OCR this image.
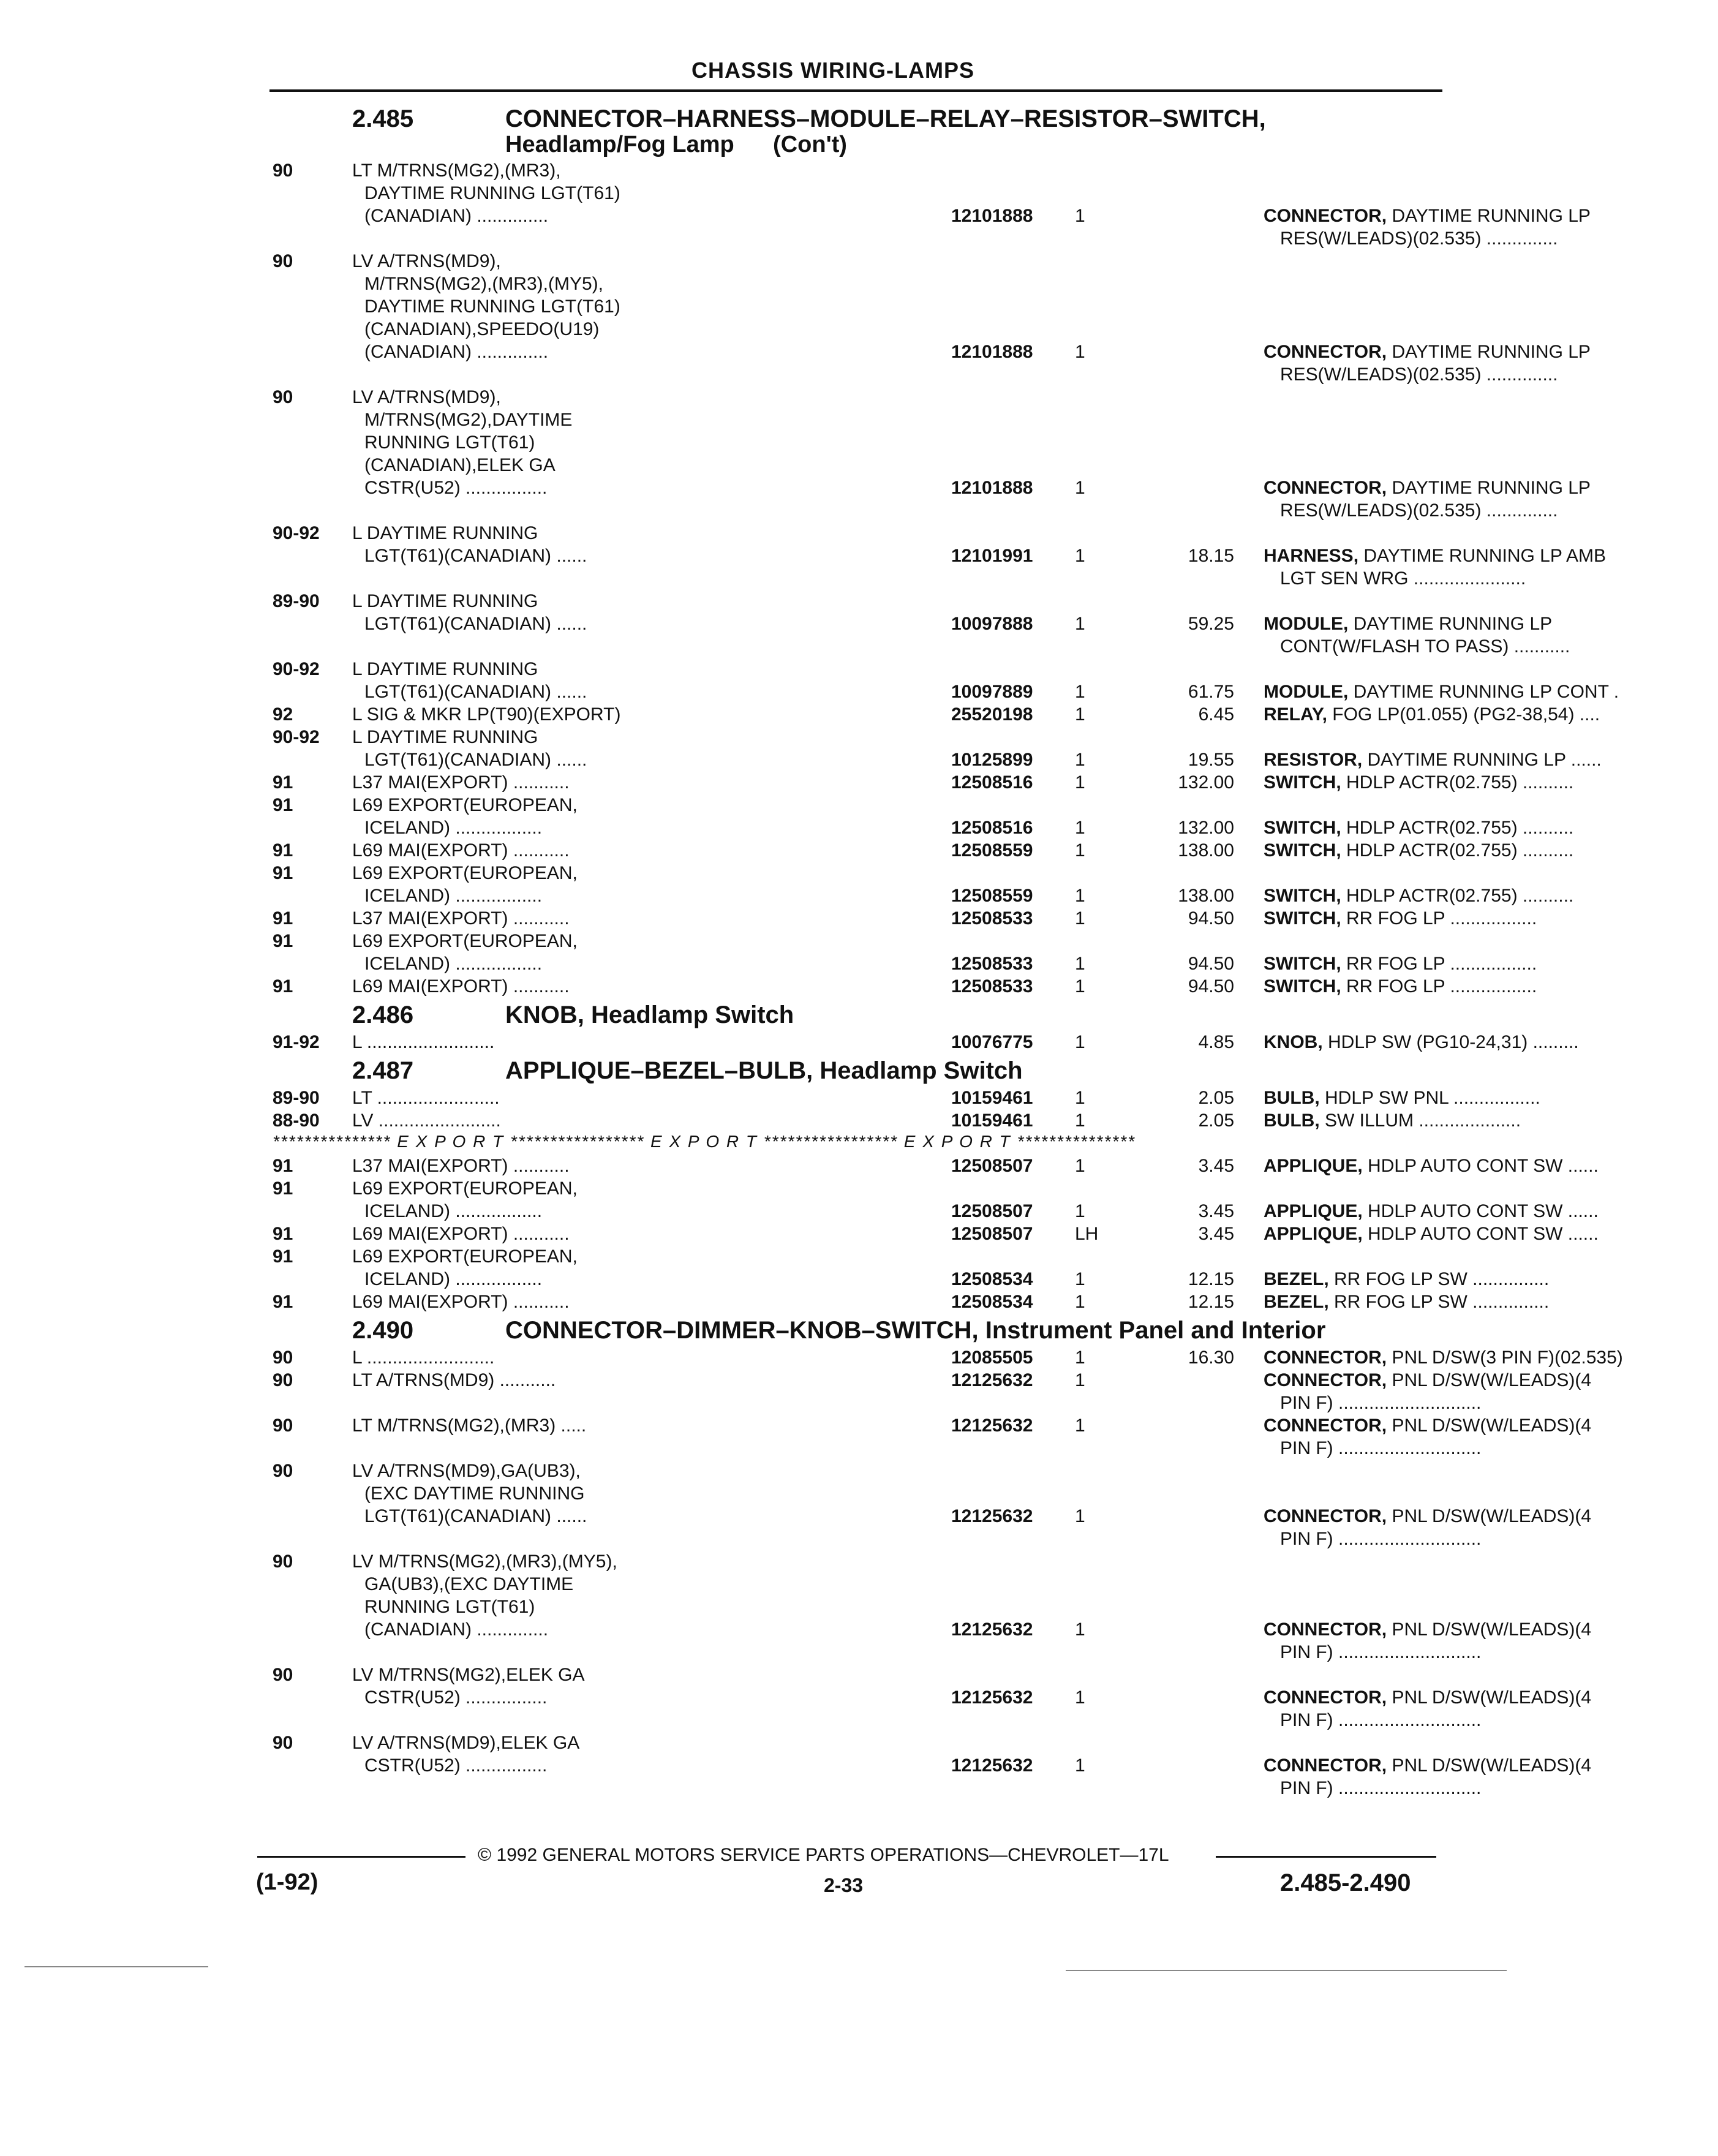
CHASSIS WIRING-LAMPS
2.485	CONNECTOR–HARNESS–MODULE–RELAY–RESISTOR–SWITCH,
Headlamp/Fog Lamp      (Con't)
90	LT M/TRNS(MG2),(MR3),
DAYTIME RUNNING LGT(T61)
(CANADIAN) ..............	12101888 1	CONNECTOR, DAYTIME RUNNING LP
RES(W/LEADS)(02.535) ..............
90	LV A/TRNS(MD9),
M/TRNS(MG2),(MR3),(MY5),
DAYTIME RUNNING LGT(T61)
(CANADIAN),SPEEDO(U19)
(CANADIAN) ..............	12101888 1	CONNECTOR, DAYTIME RUNNING LP
RES(W/LEADS)(02.535) ..............
90	LV A/TRNS(MD9),
M/TRNS(MG2),DAYTIME
RUNNING LGT(T61)
(CANADIAN),ELEK GA
CSTR(U52) ................	12101888 1	CONNECTOR, DAYTIME RUNNING LP
RES(W/LEADS)(02.535) ..............
90-92 L DAYTIME RUNNING
LGT(T61)(CANADIAN) ......	12101991 1	18.15 HARNESS, DAYTIME RUNNING LP AMB
LGT SEN WRG ......................
89-90 L DAYTIME RUNNING
LGT(T61)(CANADIAN) ......	10097888 1	59.25 MODULE, DAYTIME RUNNING LP
CONT(W/FLASH TO PASS) ...........
90-92 L DAYTIME RUNNING
LGT(T61)(CANADIAN) ......	10097889 1	61.75 MODULE, DAYTIME RUNNING LP CONT .
92	L SIG & MKR LP(T90)(EXPORT)	25520198 1	6.45 RELAY, FOG LP(01.055) (PG2-38,54) ....
90-92 L DAYTIME RUNNING
LGT(T61)(CANADIAN) ......	10125899 1	19.55 RESISTOR, DAYTIME RUNNING LP ......
91	L37 MAI(EXPORT) ...........	12508516 1	132.00 SWITCH, HDLP ACTR(02.755) ..........
91	L69 EXPORT(EUROPEAN,
ICELAND) .................	12508516 1	132.00 SWITCH, HDLP ACTR(02.755) ..........
91	L69 MAI(EXPORT) ...........	12508559 1	138.00 SWITCH, HDLP ACTR(02.755) ..........
91	L69 EXPORT(EUROPEAN,
ICELAND) .................	12508559 1	138.00 SWITCH, HDLP ACTR(02.755) ..........
91	L37 MAI(EXPORT) ...........	12508533 1	94.50 SWITCH, RR FOG LP .................
91	L69 EXPORT(EUROPEAN,
ICELAND) .................	12508533 1	94.50 SWITCH, RR FOG LP .................
91	L69 MAI(EXPORT) ...........	12508533 1	94.50 SWITCH, RR FOG LP .................
2.486	KNOB, Headlamp Switch
91-92 L .........................	10076775 1	4.85 KNOB, HDLP SW (PG10-24,31) .........
2.487	APPLIQUE–BEZEL–BULB, Headlamp Switch
89-90 LT ........................	10159461 1	2.05 BULB, HDLP SW PNL .................
88-90 LV ........................	10159461 1	2.05 BULB, SW ILLUM ....................
*************** E X P O R T ***************** E X P O R T ***************** E X P O R T ***************
91	L37 MAI(EXPORT) ...........	12508507 1	3.45 APPLIQUE, HDLP AUTO CONT SW ......
91	L69 EXPORT(EUROPEAN,
ICELAND) .................	12508507 1	3.45 APPLIQUE, HDLP AUTO CONT SW ......
91	L69 MAI(EXPORT) ...........	12508507 LH	3.45 APPLIQUE, HDLP AUTO CONT SW ......
91	L69 EXPORT(EUROPEAN,
ICELAND) .................	12508534 1	12.15 BEZEL, RR FOG LP SW ...............
91	L69 MAI(EXPORT) ...........	12508534 1	12.15 BEZEL, RR FOG LP SW ...............
2.490	CONNECTOR–DIMMER–KNOB–SWITCH, Instrument Panel and Interior
90	L .........................	12085505 1	16.30 CONNECTOR, PNL D/SW(3 PIN F)(02.535)
90	LT A/TRNS(MD9) ...........	12125632 1	CONNECTOR, PNL D/SW(W/LEADS)(4
PIN F) ............................
90	LT M/TRNS(MG2),(MR3) .....	12125632 1	CONNECTOR, PNL D/SW(W/LEADS)(4
PIN F) ............................
90	LV A/TRNS(MD9),GA(UB3),
(EXC DAYTIME RUNNING
LGT(T61)(CANADIAN) ......	12125632 1	CONNECTOR, PNL D/SW(W/LEADS)(4
PIN F) ............................
90	LV M/TRNS(MG2),(MR3),(MY5),
GA(UB3),(EXC DAYTIME
RUNNING LGT(T61)
(CANADIAN) ..............	12125632 1	CONNECTOR, PNL D/SW(W/LEADS)(4
PIN F) ............................
90	LV M/TRNS(MG2),ELEK GA
CSTR(U52) ................	12125632 1	CONNECTOR, PNL D/SW(W/LEADS)(4
PIN F) ............................
90	LV A/TRNS(MD9),ELEK GA
CSTR(U52) ................	12125632 1	CONNECTOR, PNL D/SW(W/LEADS)(4
PIN F) ............................
© 1992 GENERAL MOTORS SERVICE PARTS OPERATIONS—CHEVROLET—17L
(1-92)	2-33	2.485-2.490
